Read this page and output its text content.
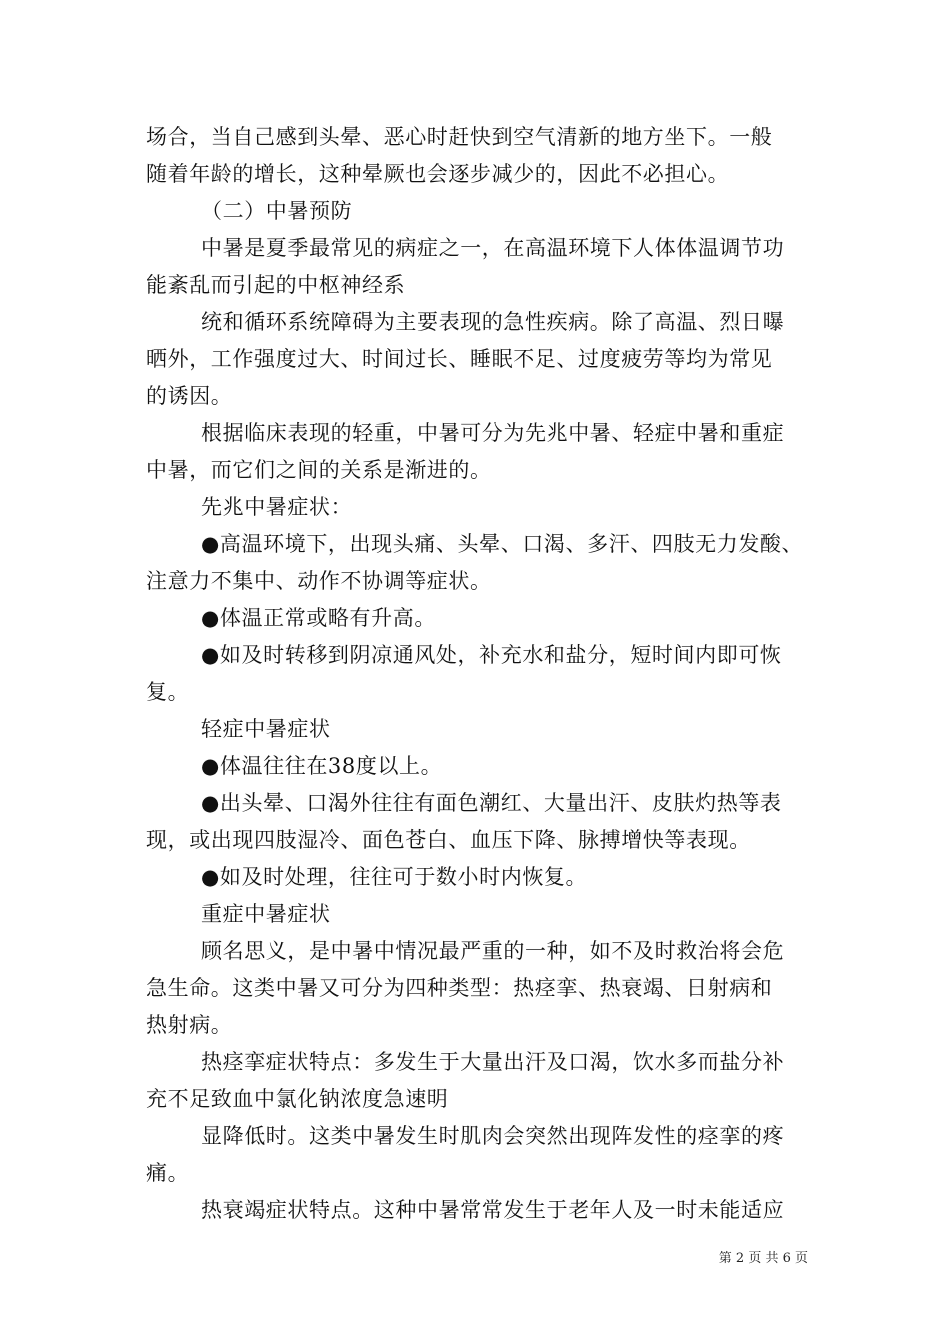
场合，当自己感到头晕、恶心时赶快到空气清新的地方坐下。一般
随着年龄的增长，这种晕厥也会逐步减少的，因此不必担心。
（二）中暑预防
中暑是夏季最常见的病症之一，在高温环境下人体体温调节功
能紊乱而引起的中枢神经系
统和循环系统障碍为主要表现的急性疾病。除了高温、烈日曝
晒外，工作强度过大、时间过长、睡眠不足、过度疲劳等均为常见
的诱因。
根据临床表现的轻重，中暑可分为先兆中暑、轻症中暑和重症
中暑，而它们之间的关系是渐进的。
先兆中暑症状：
●高温环境下，出现头痛、头晕、口渴、多汗、四肢无力发酸、
注意力不集中、动作不协调等症状。
●体温正常或略有升高。
●如及时转移到阴凉通风处，补充水和盐分，短时间内即可恢
复。
轻症中暑症状
●体温往往在38度以上。
●出头晕、口渴外往往有面色潮红、大量出汗、皮肤灼热等表
现，或出现四肢湿冷、面色苍白、血压下降、脉搏增快等表现。
●如及时处理，往往可于数小时内恢复。
重症中暑症状
顾名思义，是中暑中情况最严重的一种，如不及时救治将会危
急生命。这类中暑又可分为四种类型：热痉挛、热衰竭、日射病和
热射病。
热痉挛症状特点：多发生于大量出汗及口渴，饮水多而盐分补
充不足致血中氯化钠浓度急速明
显降低时。这类中暑发生时肌肉会突然出现阵发性的痉挛的疼
痛。
热衰竭症状特点。这种中暑常常发生于老年人及一时未能适应
第 2 页 共 6 页
